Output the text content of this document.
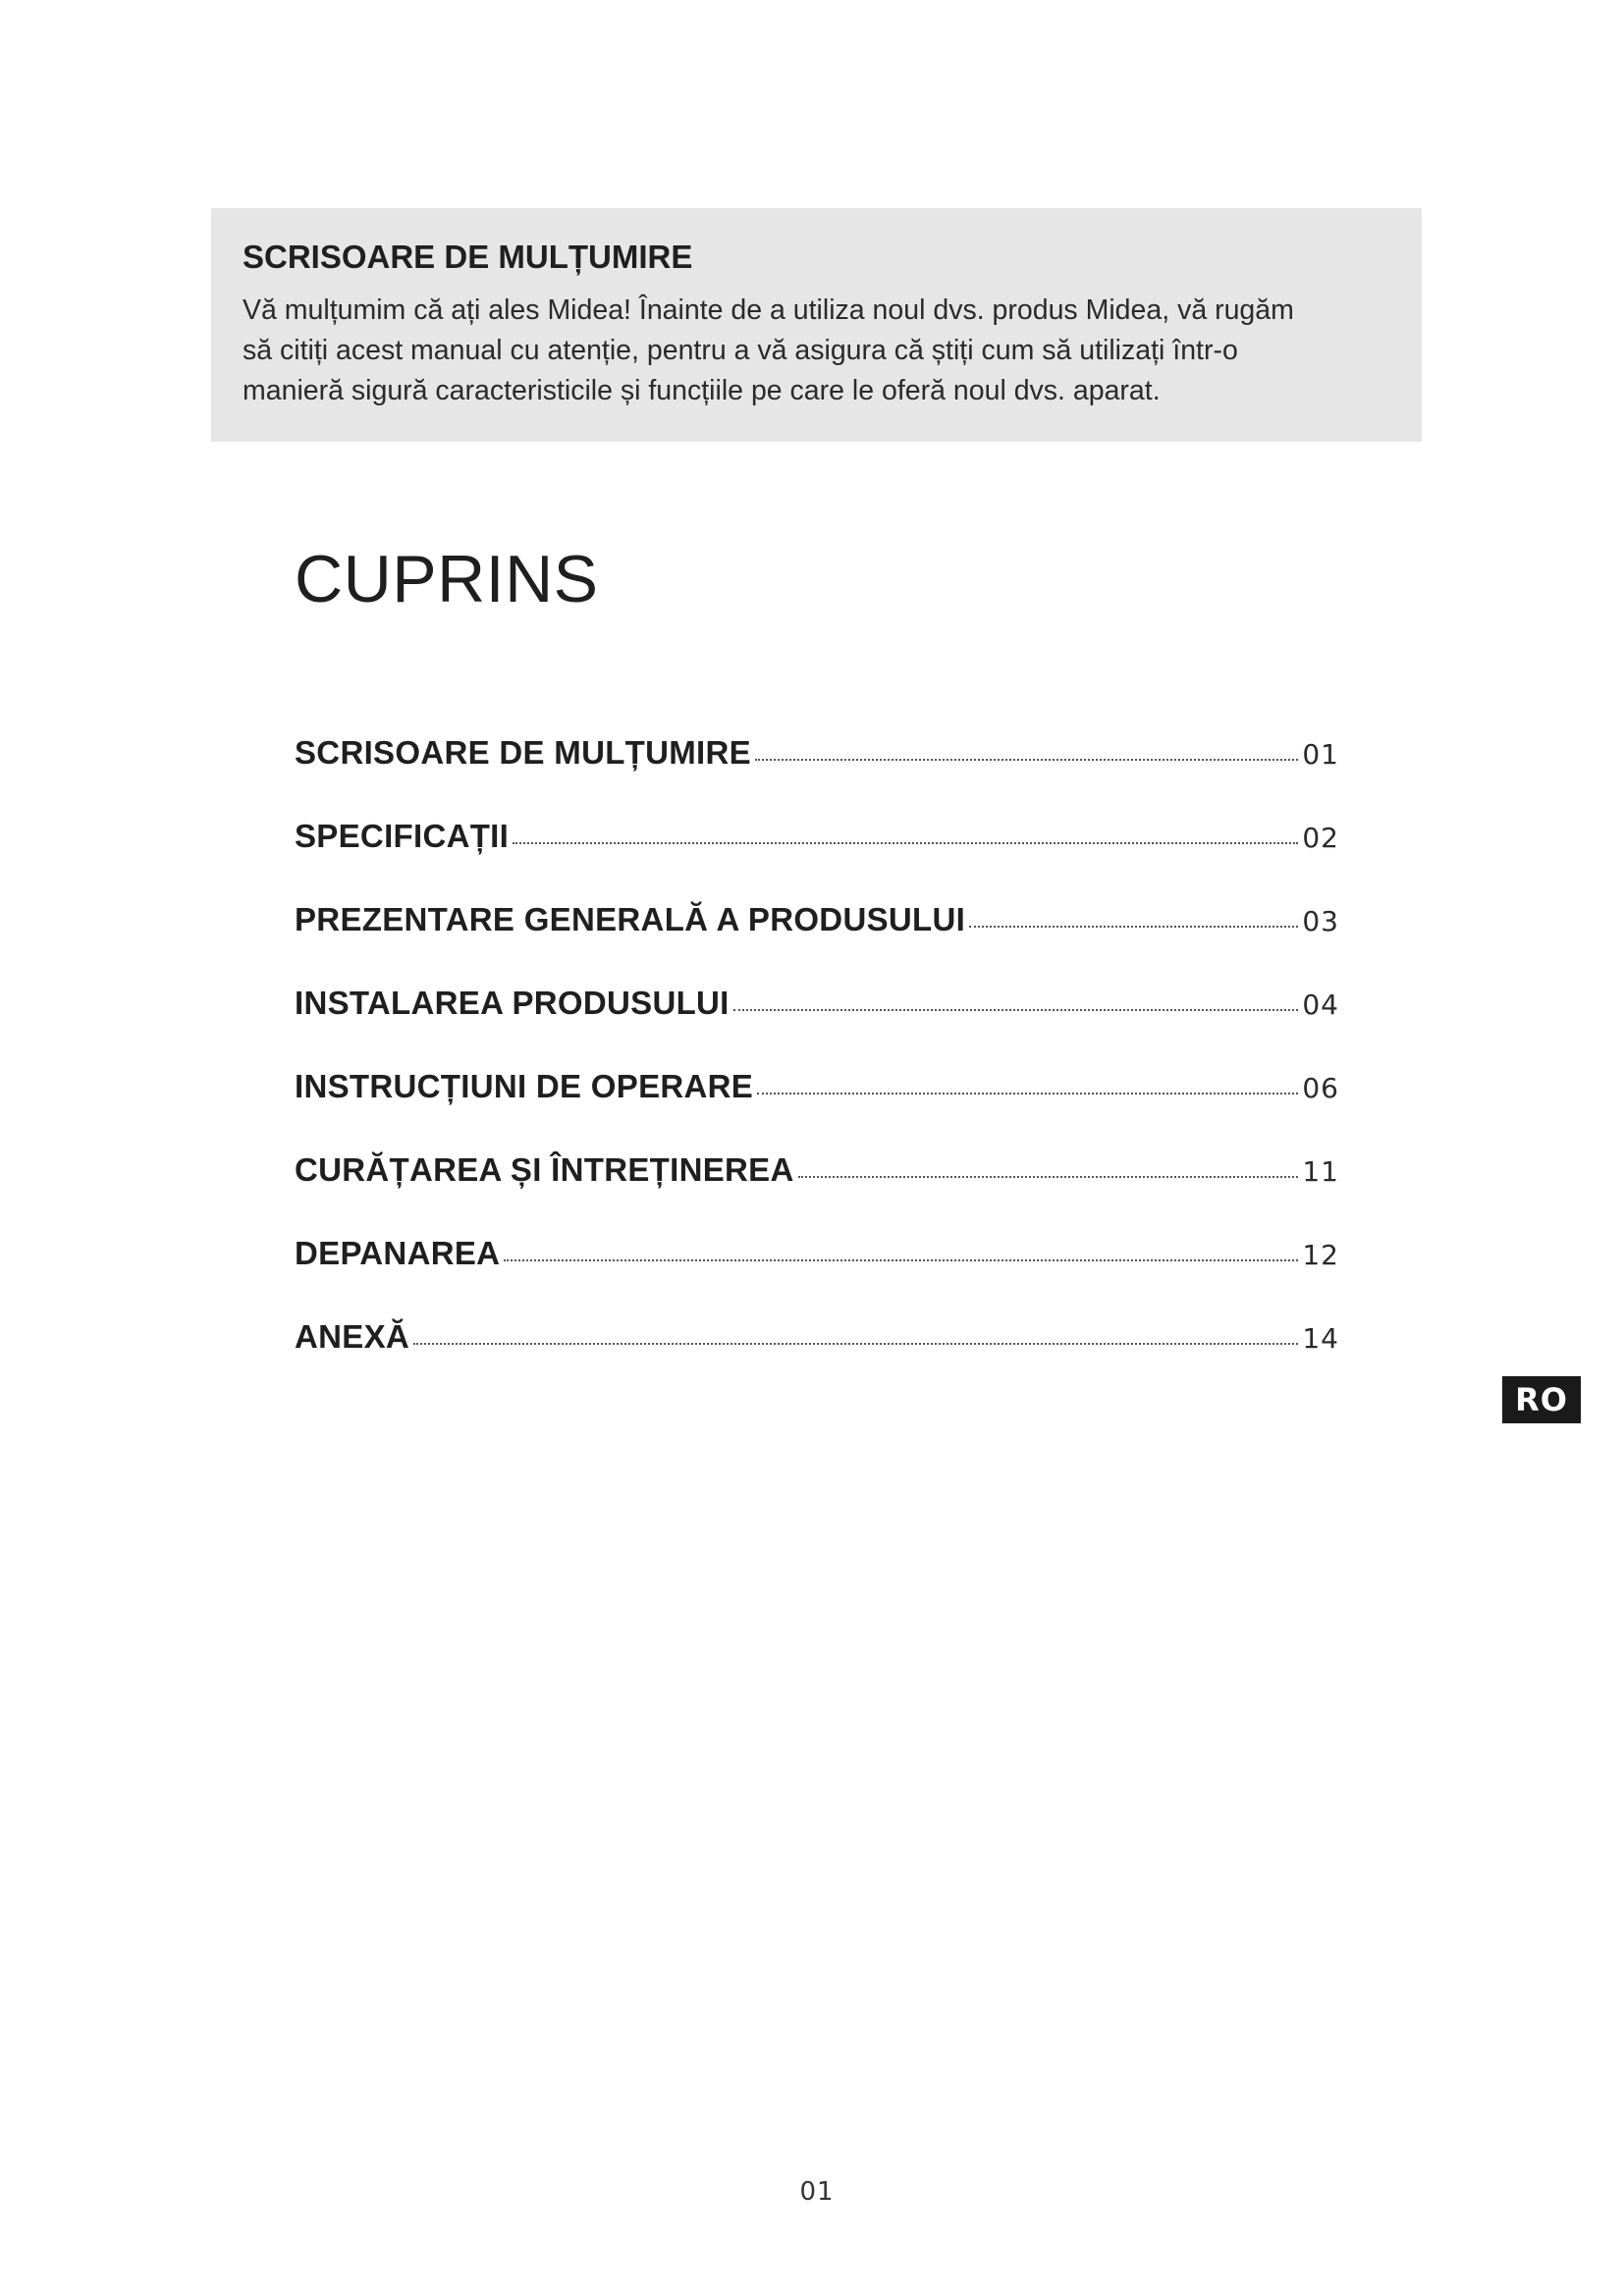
SCRISOARE DE MULȚUMIRE

Vă mulțumim că ați ales Midea! Înainte de a utiliza noul dvs. produs Midea, vă rugăm
să citiți acest manual cu atenție, pentru a vă asigura că știți cum să utilizați într-o
manieră sigură caracteristicile și funcțiile pe care le oferă noul dvs. aparat.

CUPRINS
SCRISOARE DE MULȚUMIRE	01
SPECIFICAȚII	02
PREZENTARE GENERALĂ A PRODUSULUI	03
INSTALAREA PRODUSULUI	04
INSTRUCȚIUNI DE OPERARE	06
CURĂȚAREA ȘI ÎNTREȚINEREA	11
DEPANAREA	12
ANEXĂ	14
RO
01
